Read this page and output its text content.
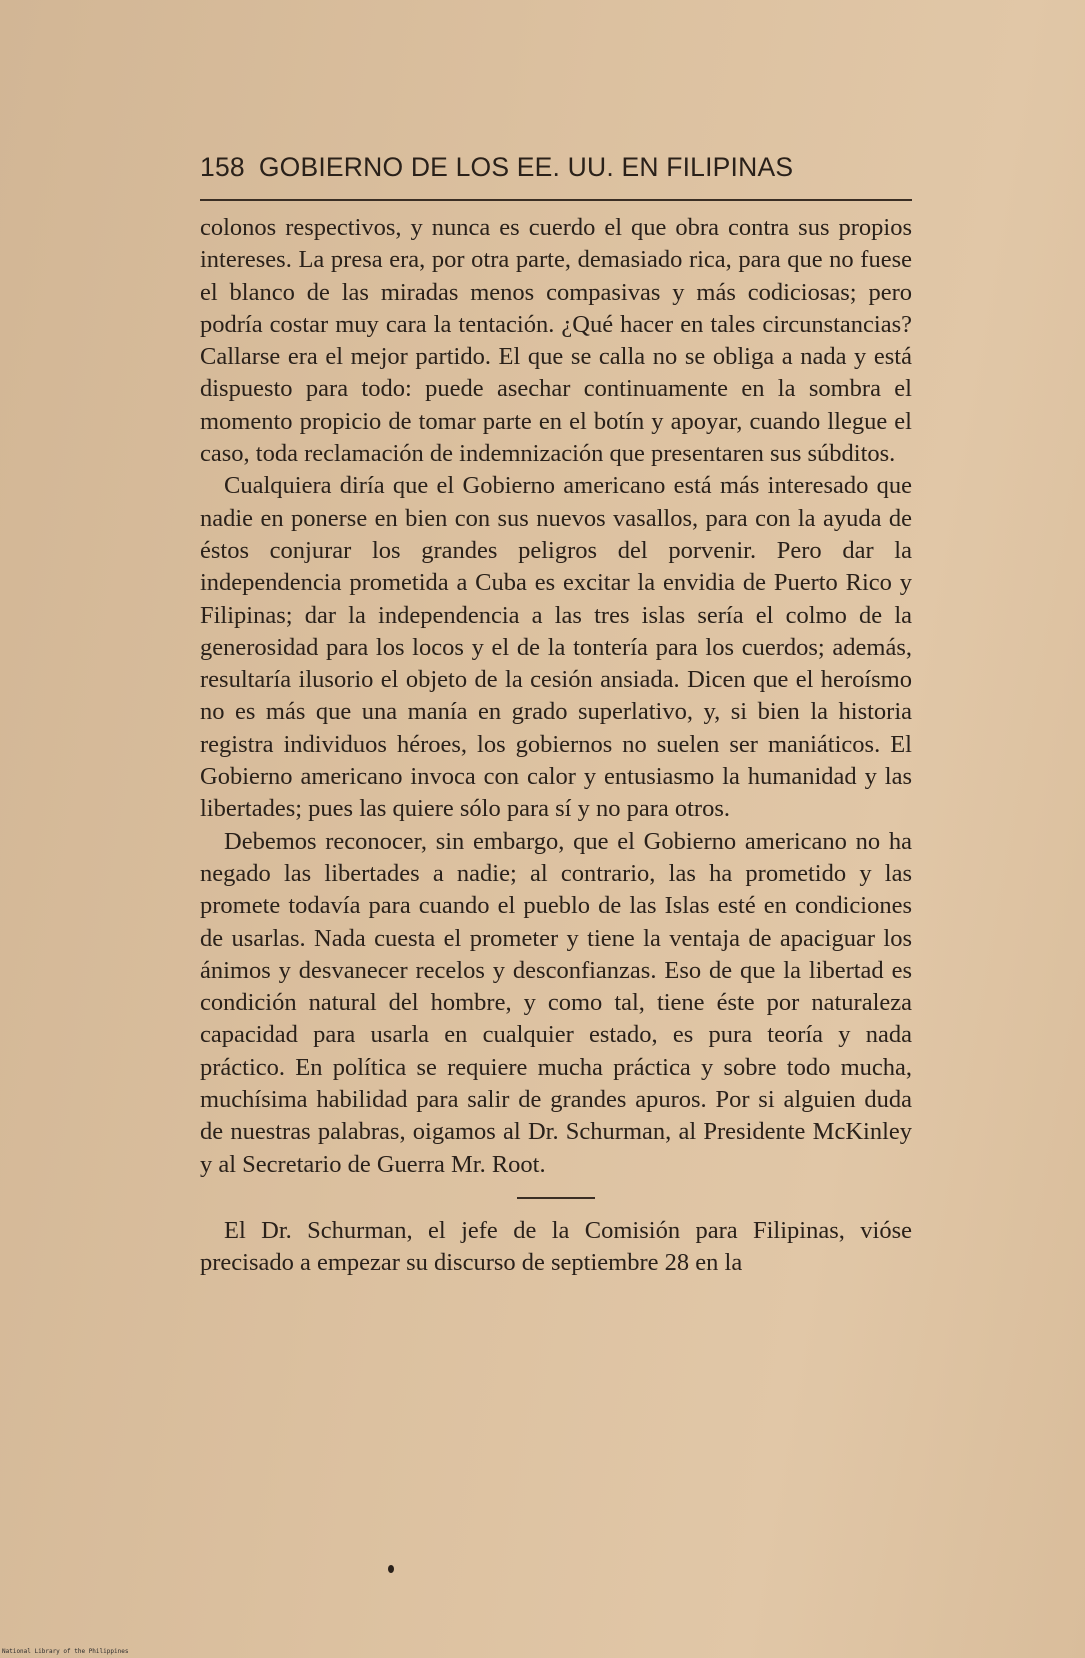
158 GOBIERNO DE LOS EE. UU. EN FILIPINAS

colonos respectivos, y nunca es cuerdo el que obra contra sus propios intereses. La presa era, por otra parte, demasiado rica, para que no fuese el blanco de las miradas menos compasivas y más codiciosas; pero podría costar muy cara la tentación. ¿Qué hacer en tales circunstancias? Callarse era el mejor partido. El que se calla no se obliga a nada y está dispuesto para todo: puede asechar continuamente en la sombra el momento propicio de tomar parte en el botín y apoyar, cuando llegue el caso, toda reclamación de indemnización que presentaren sus súbditos.

Cualquiera diría que el Gobierno americano está más interesado que nadie en ponerse en bien con sus nuevos vasallos, para con la ayuda de éstos conjurar los grandes peligros del porvenir. Pero dar la independencia prometida a Cuba es excitar la envidia de Puerto Rico y Filipinas; dar la independencia a las tres islas sería el colmo de la generosidad para los locos y el de la tontería para los cuerdos; además, resultaría ilusorio el objeto de la cesión ansiada. Dicen que el heroísmo no es más que una manía en grado superlativo, y, si bien la historia registra individuos héroes, los gobiernos no suelen ser maniáticos. El Gobierno americano invoca con calor y entusiasmo la humanidad y las libertades; pues las quiere sólo para sí y no para otros.

Debemos reconocer, sin embargo, que el Gobierno americano no ha negado las libertades a nadie; al contrario, las ha prometido y las promete todavía para cuando el pueblo de las Islas esté en condiciones de usarlas. Nada cuesta el prometer y tiene la ventaja de apaciguar los ánimos y desvanecer recelos y desconfianzas. Eso de que la libertad es condición natural del hombre, y como tal, tiene éste por naturaleza capacidad para usarla en cualquier estado, es pura teoría y nada práctico. En política se requiere mucha práctica y sobre todo mucha, muchísima habilidad para salir de grandes apuros. Por si alguien duda de nuestras palabras, oigamos al Dr. Schurman, al Presidente McKinley y al Secretario de Guerra Mr. Root.

El Dr. Schurman, el jefe de la Comisión para Filipinas, vióse precisado a empezar su discurso de septiembre 28 en la

National Library of the Philippines
